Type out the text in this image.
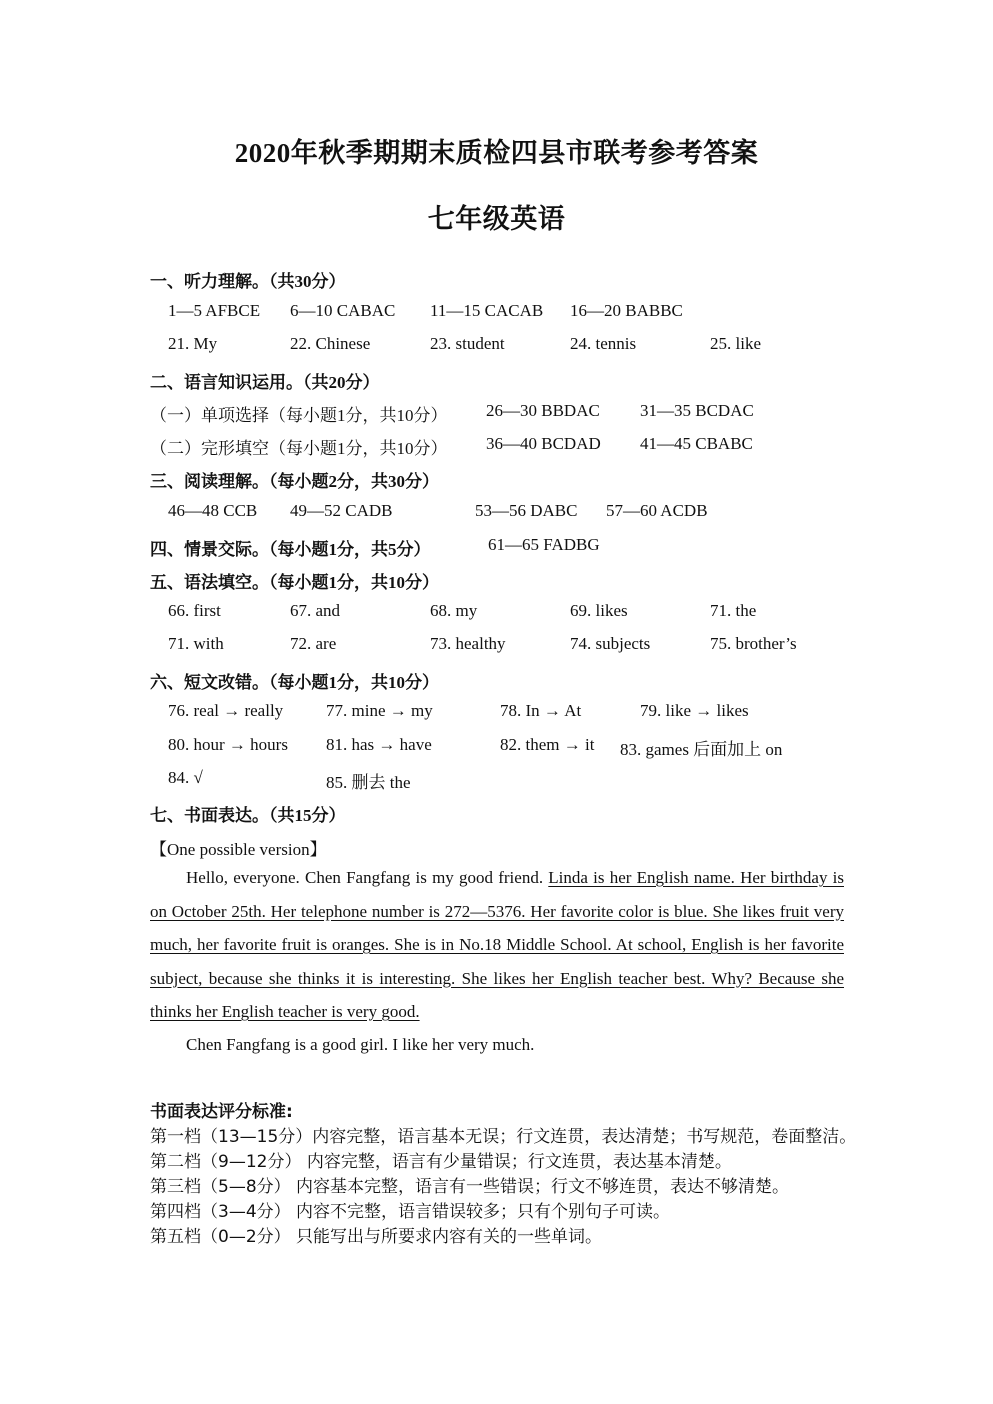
2020年秋季期期末质检四县市联考参考答案
七年级英语
一、听力理解。（共30分）
1—5 AFBCE 6—10 CABAC 11—15 CACAB 16—20 BABBC
21. My	22. Chinese	23. student	24. tennis	25. like
二、语言知识运用。（共20分）
（一）单项选择（每小题1分，共10分） 26—30 BBDAC 31—35 BCDAC
（二）完形填空（每小题1分，共10分） 36—40 BCDAD 41—45 CBABC
三、阅读理解。（每小题2分，共30分）
46—48 CCB 49—52 CADB	53—56 DABC 57—60 ACDB
四、情景交际。（每小题1分，共5分）	61—65 FADBG
五、语法填空。（每小题1分，共10分）
66. first	67. and	68. my	69. likes	71. the
71. with	72. are	73. healthy	74. subjects	75. brother’s
六、短文改错。（每小题1分，共10分）
76. real → really	77. mine → my	78. In → At	79. like → likes
80. hour → hours 81. has → have	82. them → it 83. games 后面加上 on
84. √	85. 删去 the
七、书面表达。（共15分）
【One possible version】
Hello, everyone. Chen Fangfang is my good friend. Linda is her English name. Her birthday is on October 25th. Her telephone number is 272—5376. Her favorite color is blue. She likes fruit very much, her favorite fruit is oranges. She is in No.18 Middle School. At school, English is her favorite subject, because she thinks it is interesting. She likes her English teacher best. Why? Because she thinks her English teacher is very good.
Chen Fangfang is a good girl. I like her very much.
书面表达评分标准:
第一档（13—15分）内容完整，语言基本无误；行文连贯，表达清楚；书写规范，卷面整洁。
第二档（9—12分） 内容完整，语言有少量错误；行文连贯，表达基本清楚。
第三档（5—8分） 内容基本完整，语言有一些错误；行文不够连贯，表达不够清楚。
第四档（3—4分） 内容不完整，语言错误较多；只有个别句子可读。
第五档（0—2分） 只能写出与所要求内容有关的一些单词。
